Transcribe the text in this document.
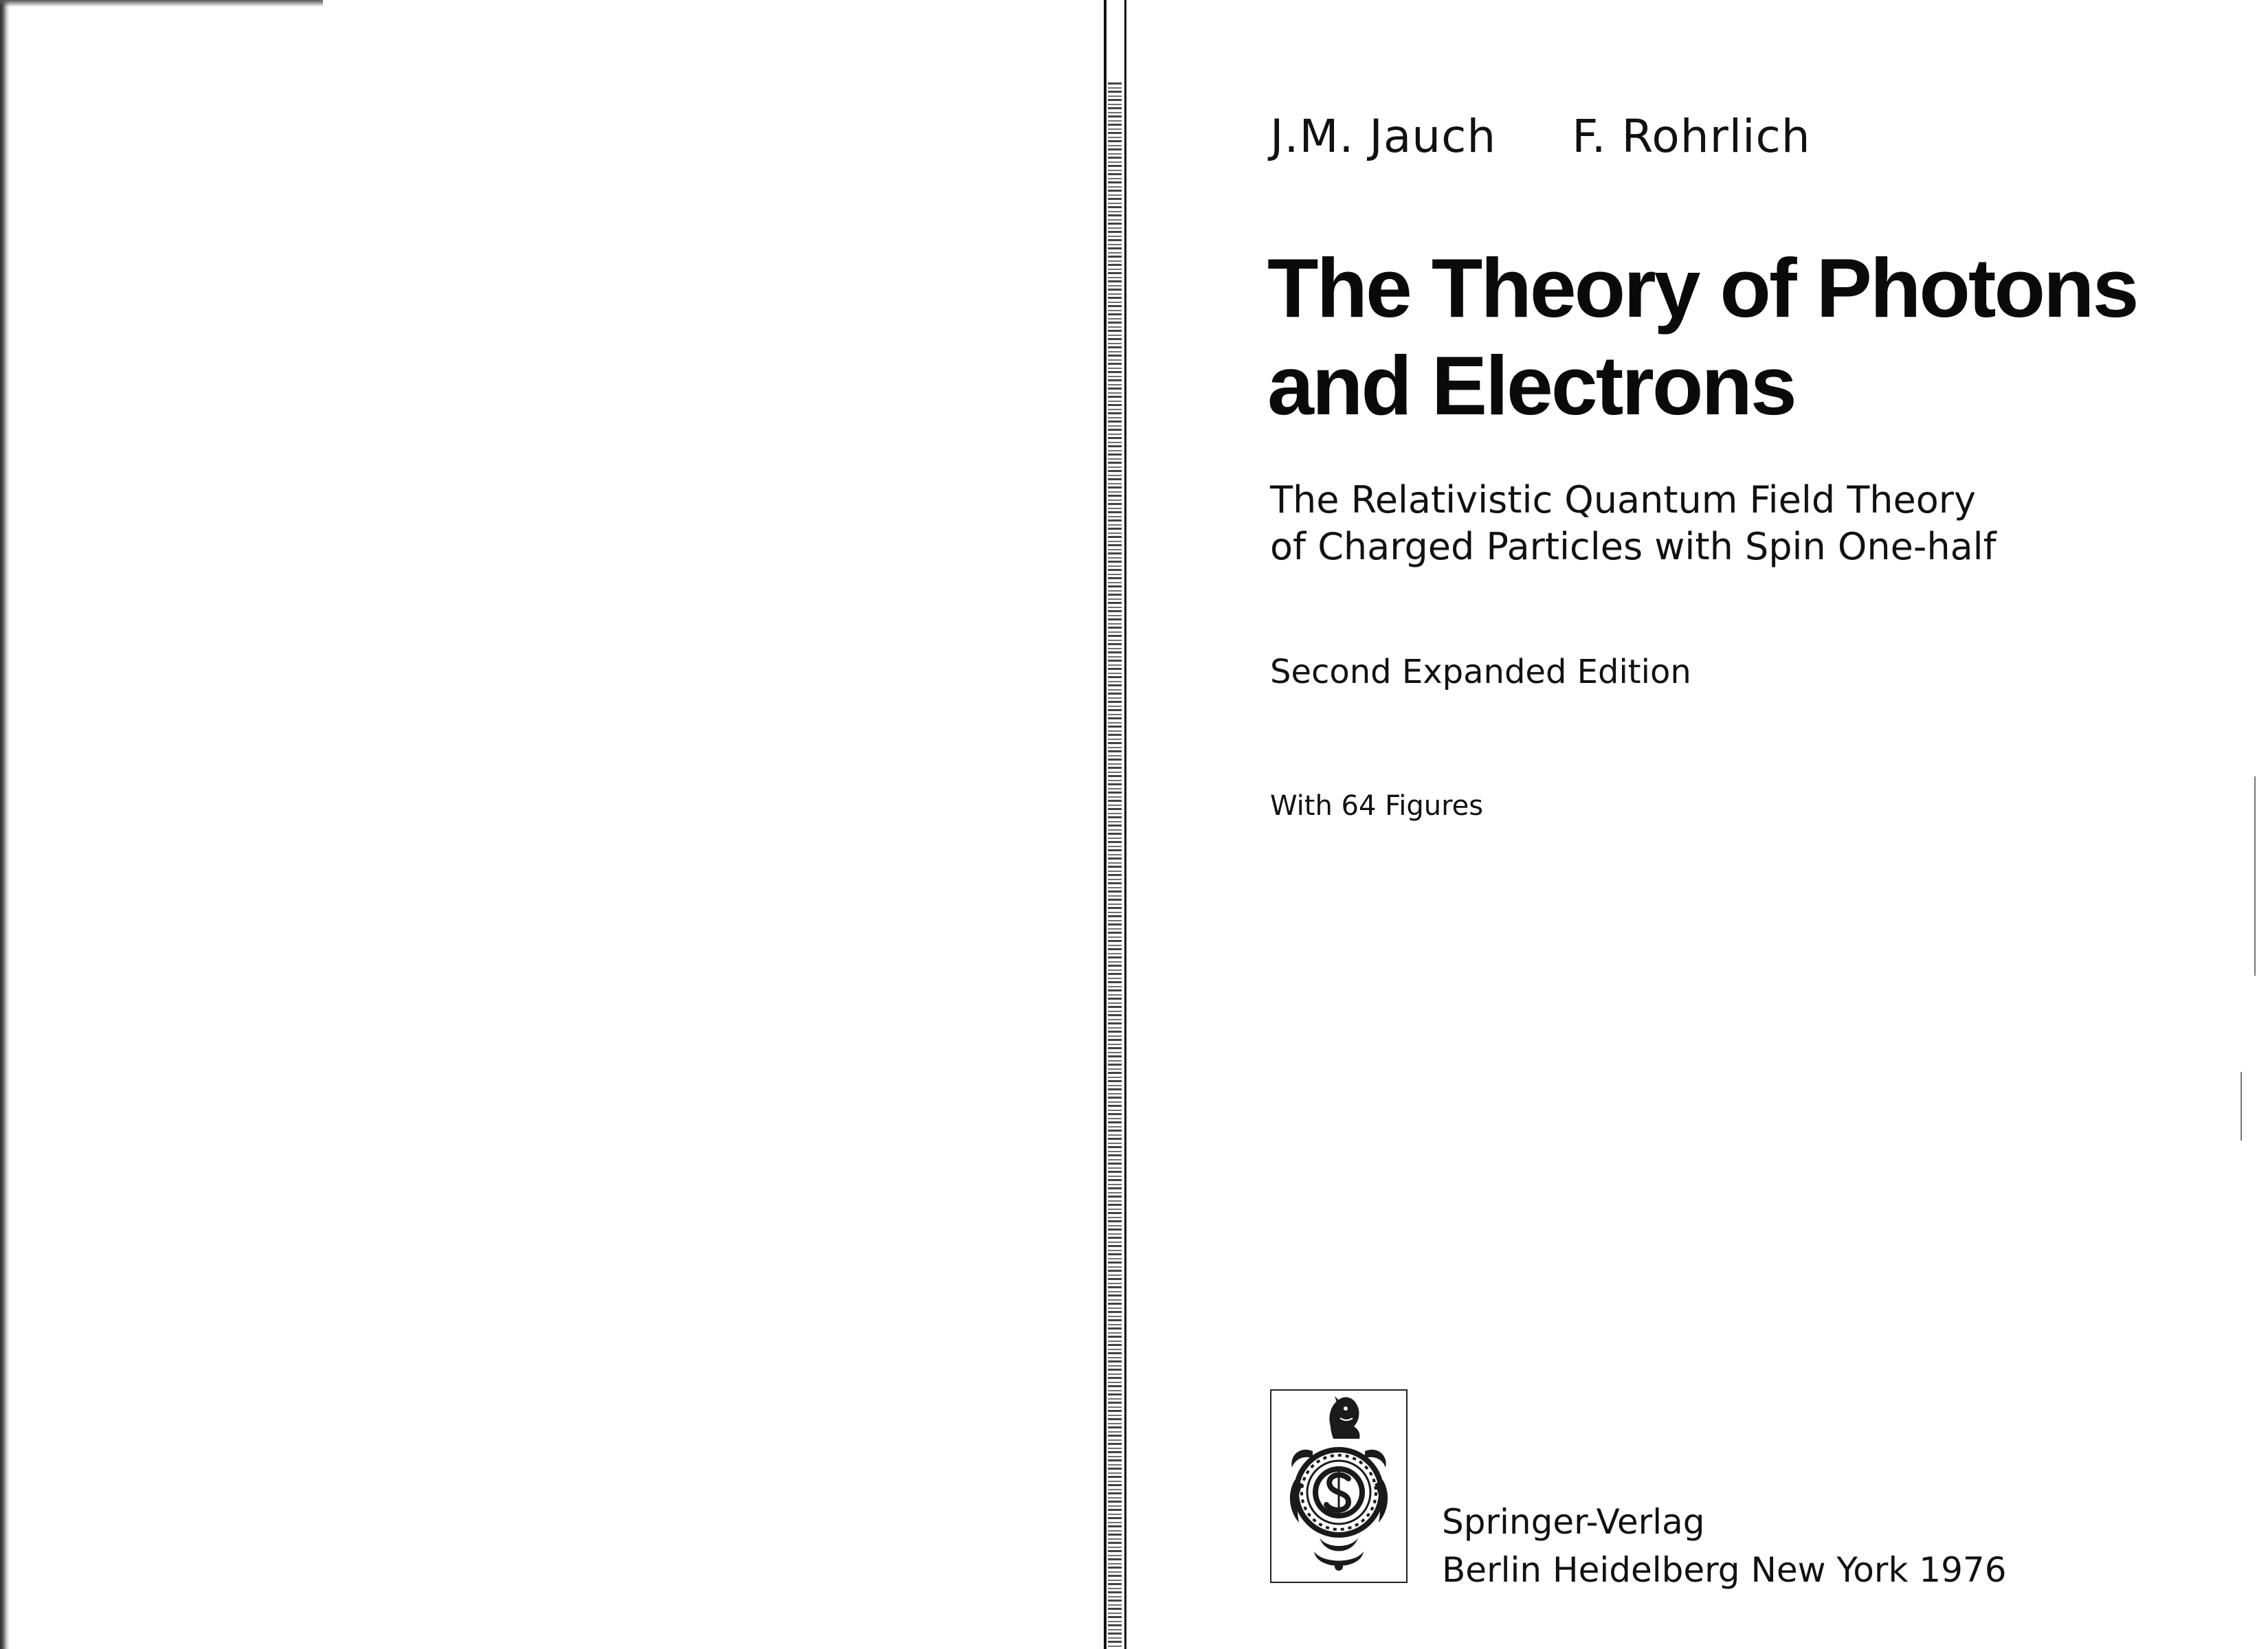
J.M. Jauch F. Rohrlich
The Theory of Photons
and Electrons
The Relativistic Quantum Field Theory
of Charged Particles with Spin One-half
Second Expanded Edition
With 64 Figures
Springer-Verlag
Berlin Heidelberg New York 1976
